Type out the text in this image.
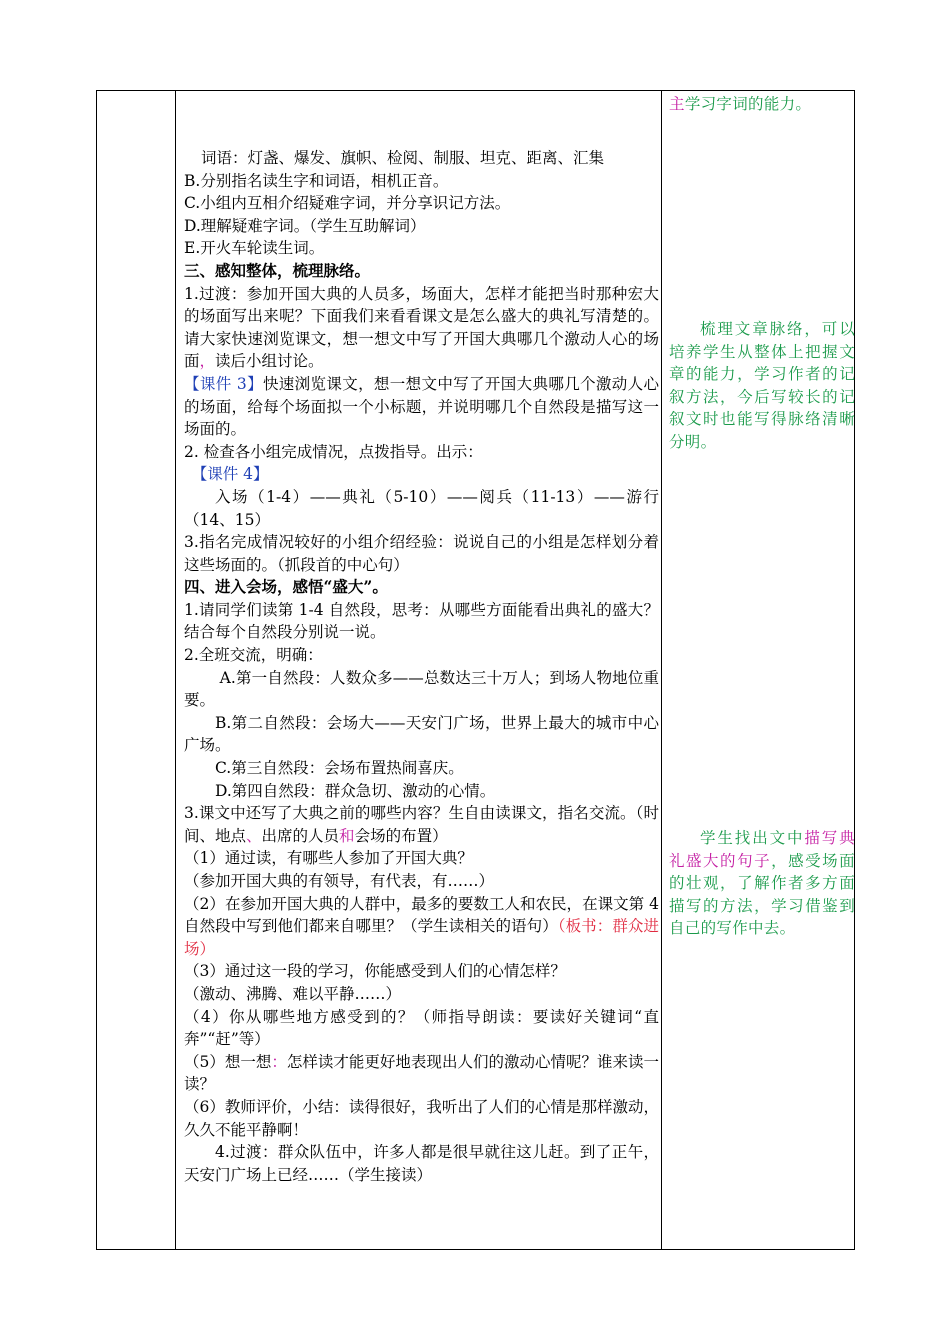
词语：灯盏、爆发、旗帜、检阅、制服、坦克、距离、汇集

B.分别指名读生字和词语，相机正音。

C.小组内互相介绍疑难字词，并分享识记方法。

D.理解疑难字词。（学生互助解词）

E.开火车轮读生词。

三、感知整体，梳理脉络。

1.过渡：参加开国大典的人员多，场面大，怎样才能把当时那种宏大的场面写出来呢？下面我们来看看课文是怎么盛大的典礼写清楚的。请大家快速浏览课文，想一想文中写了开国大典哪几个激动人心的场面，读后小组讨论。

【课件 3】快速浏览课文，想一想文中写了开国大典哪几个激动人心的场面，给每个场面拟一个小标题，并说明哪几个自然段是描写这一场面的。

2. 检查各小组完成情况，点拨指导。出示：

【课件 4】

入场（1-4）——典礼（5-10）——阅兵（11-13）——游行（14、15）

3.指名完成情况较好的小组介绍经验：说说自己的小组是怎样划分着这些场面的。（抓段首的中心句）

四、进入会场，感悟“盛大”。

1.请同学们读第 1-4 自然段，思考：从哪些方面能看出典礼的盛大？结合每个自然段分别说一说。

2.全班交流，明确：

A.第一自然段：人数众多——总数达三十万人；到场人物地位重要。

B.第二自然段：会场大——天安门广场，世界上最大的城市中心广场。

C.第三自然段：会场布置热闹喜庆。

D.第四自然段：群众急切、激动的心情。

3.课文中还写了大典之前的哪些内容？生自由读课文，指名交流。（时间、地点、出席的人员和会场的布置）

（1）通过读，有哪些人参加了开国大典？

（参加开国大典的有领导，有代表，有……）

（2）在参加开国大典的人群中，最多的要数工人和农民，在课文第 4 自然段中写到他们都来自哪里？（学生读相关的语句）（板书：群众进场）

（3）通过这一段的学习，你能感受到人们的心情怎样？

（激动、沸腾、难以平静……）

（4）你从哪些地方感受到的？（师指导朗读：要读好关键词“直奔”“赶”等）

（5）想一想：怎样读才能更好地表现出人们的激动心情呢？谁来读一读？

（6）教师评价，小结：读得很好，我听出了人们的心情是那样激动，久久不能平静啊！

4.过渡：群众队伍中，许多人都是很早就往这儿赶。到了正午，天安门广场上已经……（学生接读）

主学习字词的能力。

梳理文章脉络，可以培养学生从整体上把握文章的能力，学习作者的记叙方法，今后写较长的记叙文时也能写得脉络清晰分明。

学生找出文中描写典礼盛大的句子，感受场面的壮观，了解作者多方面描写的方法，学习借鉴到自己的写作中去。
